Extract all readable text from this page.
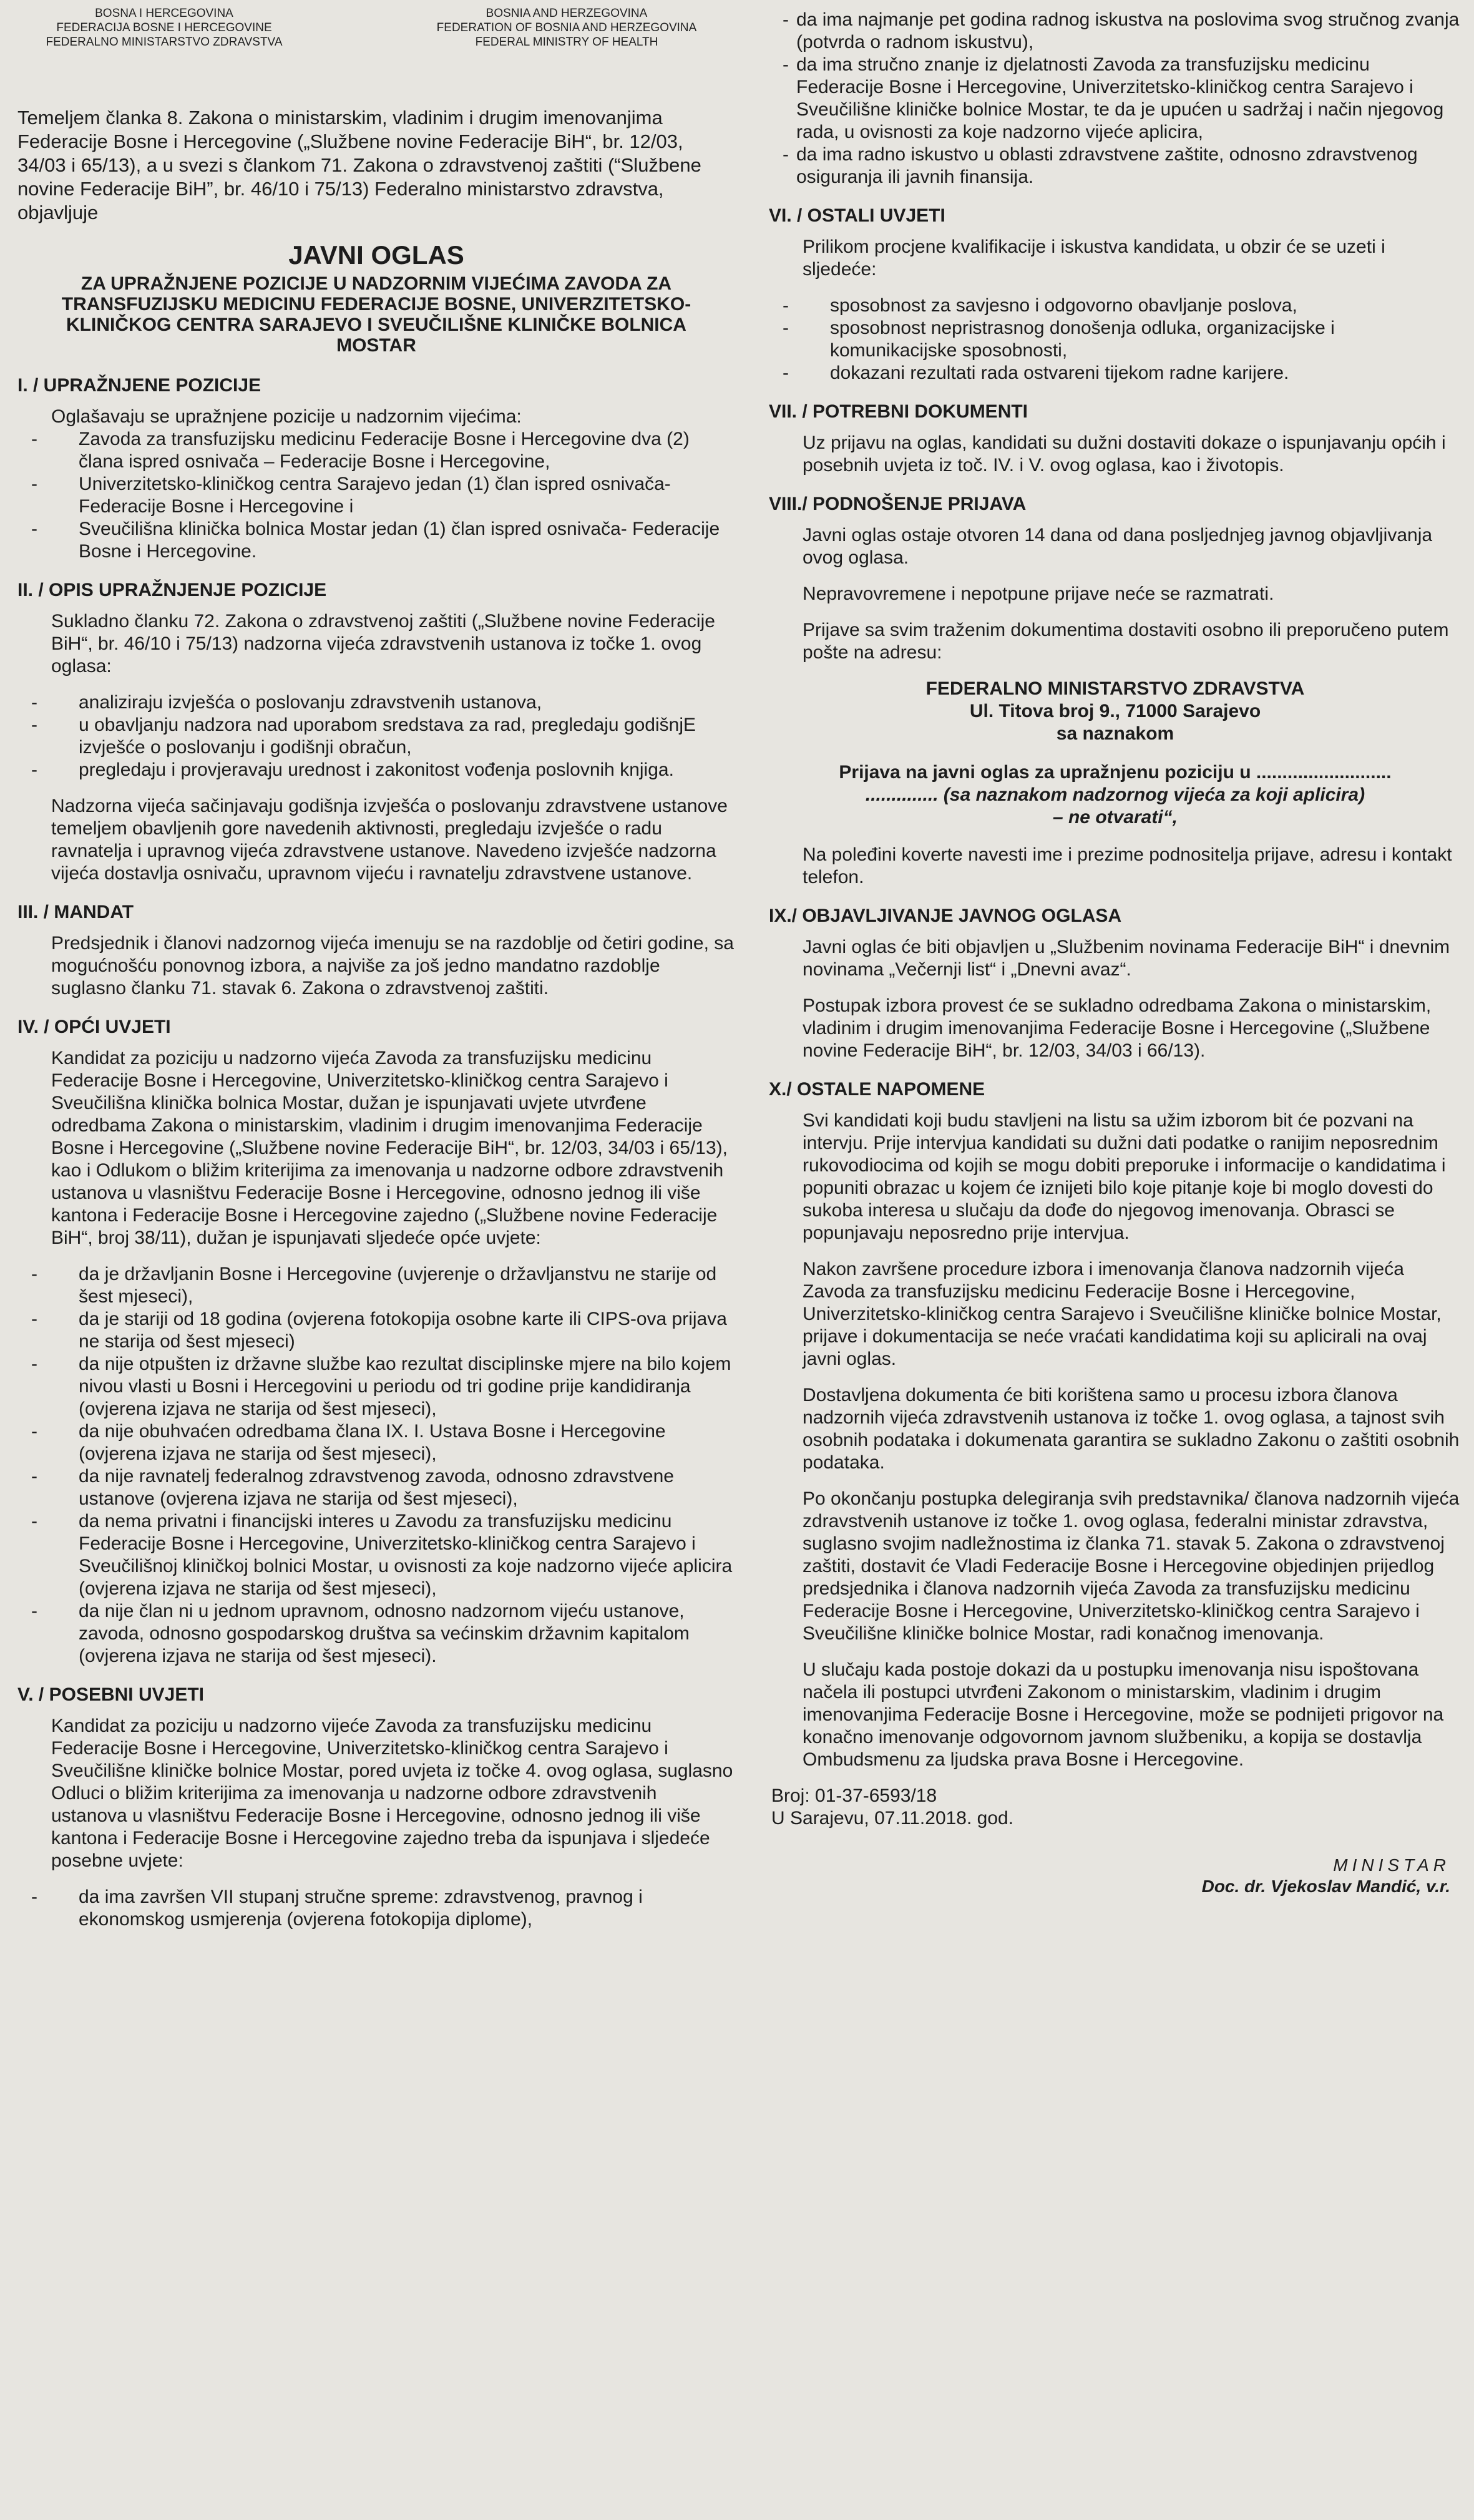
BOSNA I HERCEGOVINA
FEDERACIJA BOSNE I HERCEGOVINE
FEDERALNO MINISTARSTVO ZDRAVSTVA
BOSNIA AND HERZEGOVINA
FEDERATION OF BOSNIA AND HERZEGOVINA
FEDERAL MINISTRY OF HEALTH

Temeljem članka 8. Zakona o ministarskim, vladinim i drugim imenovanjima Federacije Bosne i Hercegovine („Službene novine Federacije BiH“, br. 12/03, 34/03 i 65/13), a u svezi s člankom 71. Zakona o zdravstvenoj zaštiti (“Službene novine Federacije BiH”, br. 46/10 i 75/13) Federalno ministarstvo zdravstva, objavljuje

JAVNI OGLAS
ZA UPRAŽNJENE POZICIJE U NADZORNIM VIJEĆIMA ZAVODA ZA TRANSFUZIJSKU MEDICINU FEDERACIJE BOSNE, UNIVERZITETSKO-KLINIČKOG CENTRA SARAJEVO I SVEUČILIŠNE KLINIČKE BOLNICA MOSTAR
I. / UPRAŽNJENE POZICIJE

Oglašavaju se upražnjene pozicije u nadzornim vijećima:

- Zavoda za transfuzijsku medicinu Federacije Bosne i Hercegovine dva (2) člana ispred osnivača – Federacije Bosne i Hercegovine,
- Univerzitetsko-kliničkog centra Sarajevo jedan (1) član ispred osnivača- Federacije Bosne i Hercegovine i
- Sveučilišna klinička bolnica Mostar jedan (1) član ispred osnivača- Federacije Bosne i Hercegovine.
II. / OPIS UPRAŽNJENJE POZICIJE

Sukladno članku 72. Zakona o zdravstvenoj zaštiti („Službene novine Federacije BiH“, br. 46/10 i 75/13) nadzorna vijeća zdravstvenih ustanova iz točke 1. ovog oglasa:

- analiziraju izvješća o poslovanju zdravstvenih ustanova,
- u obavljanju nadzora nad uporabom sredstava za rad, pregledaju godišnjE izvješće o poslovanju i godišnji obračun,
- pregledaju i provjeravaju urednost i zakonitost vođenja poslovnih knjiga.

Nadzorna vijeća sačinjavaju godišnja izvješća o poslovanju zdravstvene ustanove temeljem obavljenih gore navedenih aktivnosti, pregledaju izvješće o radu ravnatelja i upravnog vijeća zdravstvene ustanove. Navedeno izvješće nadzorna vijeća dostavlja osnivaču, upravnom vijeću i ravnatelju zdravstvene ustanove.

III. / MANDAT

Predsjednik i članovi nadzornog vijeća imenuju se na razdoblje od četiri godine, sa mogućnošću ponovnog izbora, a najviše za još jedno mandatno razdoblje suglasno članku 71. stavak 6. Zakona o zdravstvenoj zaštiti.

IV. / OPĆI UVJETI

Kandidat za poziciju u nadzorno vijeća Zavoda za transfuzijsku medicinu Federacije Bosne i Hercegovine, Univerzitetsko-kliničkog centra Sarajevo i Sveučilišna klinička bolnica Mostar, dužan je ispunjavati uvjete utvrđene odredbama Zakona o ministarskim, vladinim i drugim imenovanjima Federacije Bosne i Hercegovine („Službene novine Federacije BiH“, br. 12/03, 34/03 i 65/13), kao i Odlukom o bližim kriterijima za imenovanja u nadzorne odbore zdravstvenih ustanova u vlasništvu Federacije Bosne i Hercegovine, odnosno jednog ili više kantona i Federacije Bosne i Hercegovine zajedno („Službene novine Federacije BiH“, broj 38/11), dužan je ispunjavati sljedeće opće uvjete:

- da je državljanin Bosne i Hercegovine (uvjerenje o državljanstvu ne starije od šest mjeseci),
- da je stariji od 18 godina (ovjerena fotokopija osobne karte ili CIPS-ova prijava ne starija od šest mjeseci)
- da nije otpušten iz državne službe kao rezultat disciplinske mjere na bilo kojem nivou vlasti u Bosni i Hercegovini u periodu od tri godine prije kandidiranja (ovjerena izjava ne starija od šest mjeseci),
- da nije obuhvaćen odredbama člana IX. I. Ustava Bosne i Hercegovine (ovjerena izjava ne starija od šest mjeseci),
- da nije ravnatelj federalnog zdravstvenog zavoda, odnosno zdravstvene ustanove (ovjerena izjava ne starija od šest mjeseci),
- da nema privatni i financijski interes u Zavodu za transfuzijsku medicinu Federacije Bosne i Hercegovine, Univerzitetsko-kliničkog centra Sarajevo i Sveučilišnoj kliničkoj bolnici Mostar, u ovisnosti za koje nadzorno vijeće aplicira (ovjerena izjava ne starija od šest mjeseci),
- da nije član ni u jednom upravnom, odnosno nadzornom vijeću ustanove, zavoda, odnosno gospodarskog društva sa većinskim državnim kapitalom (ovjerena izjava ne starija od šest mjeseci).
V. / POSEBNI UVJETI

Kandidat za poziciju u nadzorno vijeće Zavoda za transfuzijsku medicinu Federacije Bosne i Hercegovine, Univerzitetsko-kliničkog centra Sarajevo i Sveučilišne kliničke bolnice Mostar, pored uvjeta iz točke 4. ovog oglasa, suglasno Odluci o bližim kriterijima za imenovanja u nadzorne odbore zdravstvenih ustanova u vlasništvu Federacije Bosne i Hercegovine, odnosno jednog ili više kantona i Federacije Bosne i Hercegovine zajedno treba da ispunjava i sljedeće posebne uvjete:

- da ima završen VII stupanj stručne spreme: zdravstvenog, pravnog i ekonomskog usmjerenja (ovjerena fotokopija diplome),
- da ima najmanje pet godina radnog iskustva na poslovima svog stručnog zvanja (potvrda o radnom iskustvu),
- da ima stručno znanje iz djelatnosti Zavoda za transfuzijsku medicinu Federacije Bosne i Hercegovine, Univerzitetsko-kliničkog centra Sarajevo i Sveučilišne kliničke bolnice Mostar, te da je upućen u sadržaj i način njegovog rada, u ovisnosti za koje nadzorno vijeće aplicira,
- da ima radno iskustvo u oblasti zdravstvene zaštite, odnosno zdravstvenog osiguranja ili javnih finansija.
VI. / OSTALI UVJETI

Prilikom procjene kvalifikacije i iskustva kandidata, u obzir će se uzeti i sljedeće:

- sposobnost za savjesno i odgovorno obavljanje poslova,
- sposobnost nepristrasnog donošenja odluka, organizacijske i komunikacijske sposobnosti,
- dokazani rezultati rada ostvareni tijekom radne karijere.
VII. / POTREBNI DOKUMENTI

Uz prijavu na oglas, kandidati su dužni dostaviti dokaze o ispunjavanju općih i posebnih uvjeta iz toč. IV. i V. ovog oglasa, kao i životopis.

VIII./ PODNOŠENJE PRIJAVA

Javni oglas ostaje otvoren 14 dana od dana posljednjeg javnog objavljivanja ovog oglasa.

Nepravovremene i nepotpune prijave neće se razmatrati.

Prijave sa svim traženim dokumentima dostaviti osobno ili preporučeno putem pošte na adresu:

FEDERALNO MINISTARSTVO ZDRAVSTVA
Ul. Titova broj 9., 71000 Sarajevo
sa naznakom
Prijava na javni oglas za upražnjenu poziciju u ..........................
.............. (sa naznakom nadzornog vijeća za koji aplicira)
– ne otvarati“,

Na poleđini koverte navesti ime i prezime podnositelja prijave, adresu i kontakt telefon.

IX./ OBJAVLJIVANJE JAVNOG OGLASA

Javni oglas će biti objavljen u „Službenim novinama Federacije BiH“ i dnevnim novinama „Večernji list“ i „Dnevni avaz“.

Postupak izbora provest će se sukladno odredbama Zakona o ministarskim, vladinim i drugim imenovanjima Federacije Bosne i Hercegovine („Službene novine Federacije BiH“, br. 12/03, 34/03 i 66/13).

X./ OSTALE NAPOMENE

Svi kandidati koji budu stavljeni na listu sa užim izborom bit će pozvani na intervju. Prije intervjua kandidati su dužni dati podatke o ranijim neposrednim rukovodiocima od kojih se mogu dobiti preporuke i informacije o kandidatima i popuniti obrazac u kojem će iznijeti bilo koje pitanje koje bi moglo dovesti do sukoba interesa u slučaju da dođe do njegovog imenovanja. Obrasci se popunjavaju neposredno prije intervjua.

Nakon završene procedure izbora i imenovanja članova nadzornih vijeća Zavoda za transfuzijsku medicinu Federacije Bosne i Hercegovine, Univerzitetsko-kliničkog centra Sarajevo i Sveučilišne kliničke bolnice Mostar, prijave i dokumentacija se neće vraćati kandidatima koji su aplicirali na ovaj javni oglas.

Dostavljena dokumenta će biti korištena samo u procesu izbora članova nadzornih vijeća zdravstvenih ustanova iz točke 1. ovog oglasa, a tajnost svih osobnih podataka i dokumenata garantira se sukladno Zakonu o zaštiti osobnih podataka.

Po okončanju postupka delegiranja svih predstavnika/ članova nadzornih vijeća zdravstvenih ustanove iz točke 1. ovog oglasa, federalni ministar zdravstva, suglasno svojim nadležnostima iz članka 71. stavak 5. Zakona o zdravstvenoj zaštiti, dostavit će Vladi Federacije Bosne i Hercegovine objedinjen prijedlog predsjednika i članova nadzornih vijeća Zavoda za transfuzijsku medicinu Federacije Bosne i Hercegovine, Univerzitetsko-kliničkog centra Sarajevo i Sveučilišne kliničke bolnice Mostar, radi konačnog imenovanja.

U slučaju kada postoje dokazi da u postupku imenovanja nisu ispoštovana načela ili postupci utvrđeni Zakonom o ministarskim, vladinim i drugim imenovanjima Federacije Bosne i Hercegovine, može se podnijeti prigovor na konačno imenovanje odgovornom javnom službeniku, a kopija se dostavlja Ombudsmenu za ljudska prava Bosne i Hercegovine.

Broj: 01-37-6593/18
U Sarajevu, 07.11.2018. god.
MINISTAR
Doc. dr. Vjekoslav Mandić, v.r.
